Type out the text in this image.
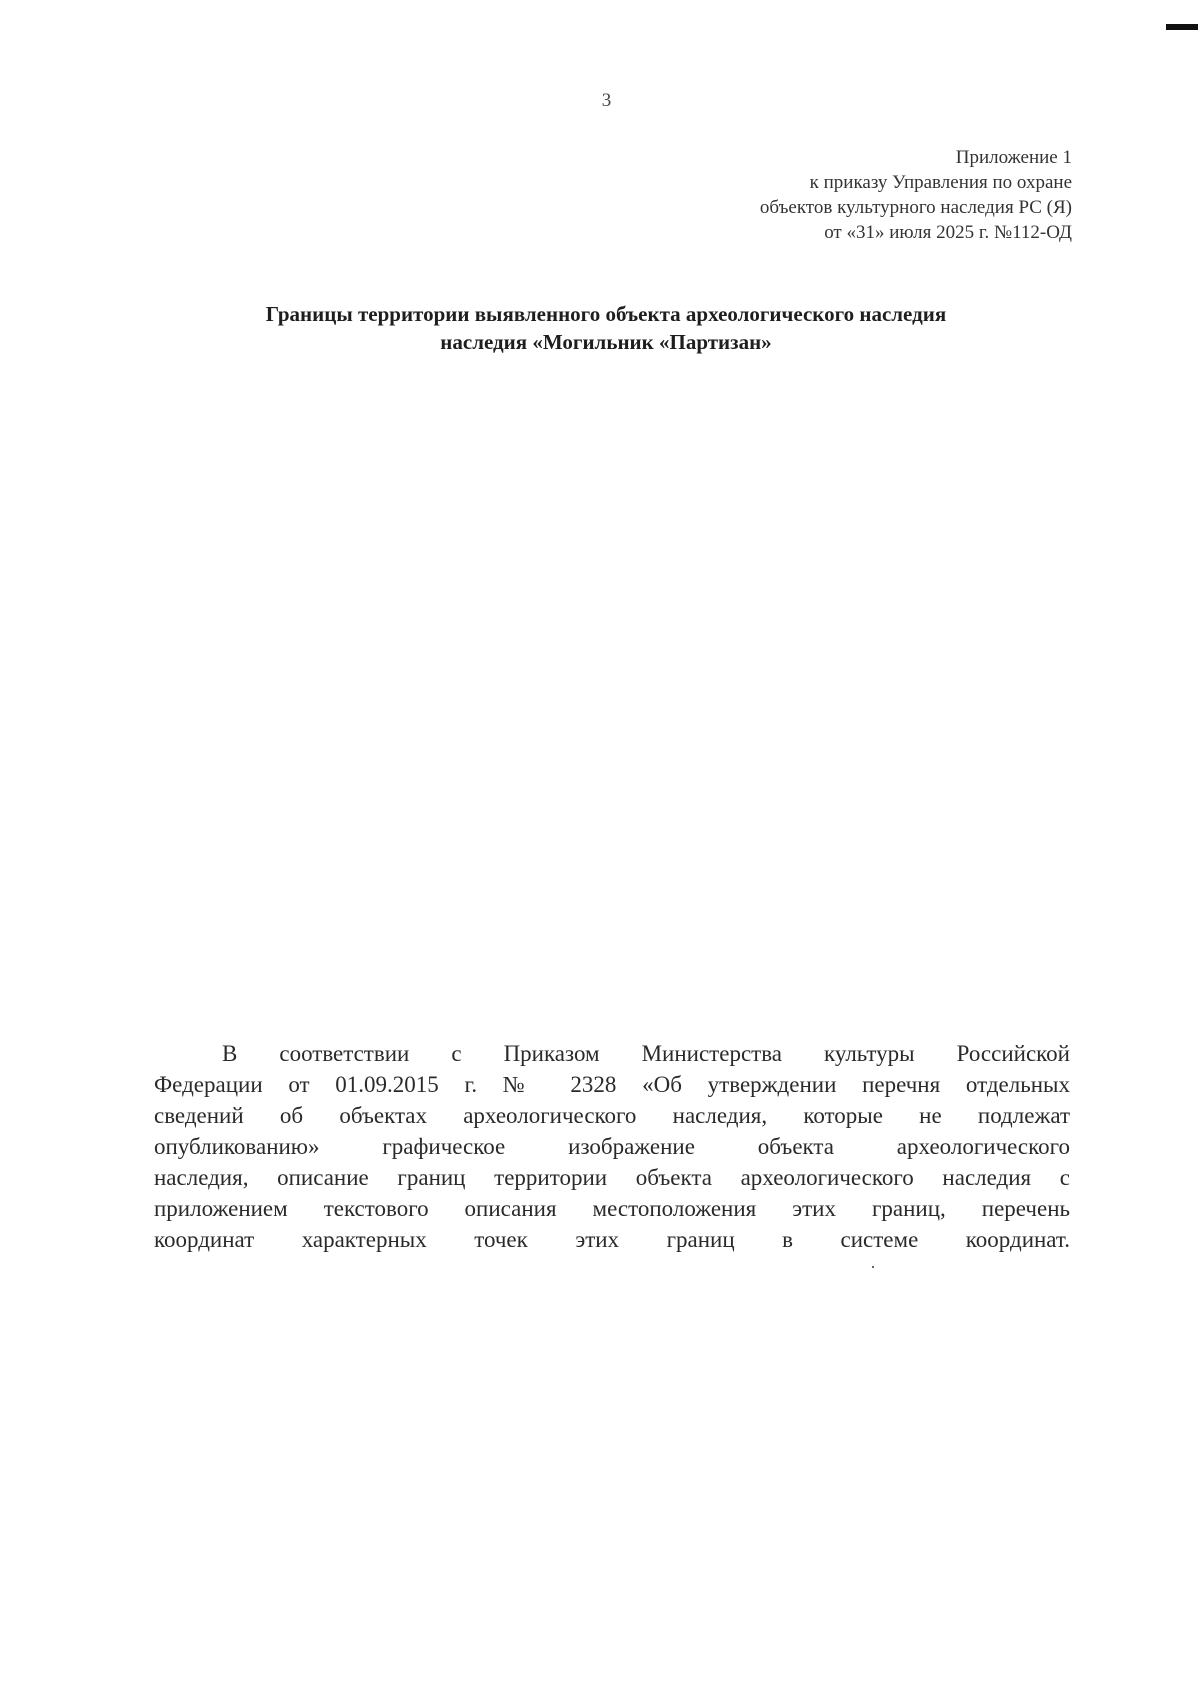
3
Приложение 1
к приказу Управления по охране
объектов культурного наследия РС (Я)
от «31» июля 2025 г. №112-ОД
Границы территории выявленного объекта археологического наследия
наследия «Могильник «Партизан»
В соответствии с Приказом Министерства культуры Российской
Федерации от 01.09.2015 г. № 2328 «Об утверждении перечня отдельных
сведений об объектах археологического наследия, которые не подлежат
опубликованию» графическое изображение объекта археологического
наследия, описание границ территории объекта археологического наследия с
приложением текстового описания местоположения этих границ, перечень
координат характерных точек этих границ в системе координат.
